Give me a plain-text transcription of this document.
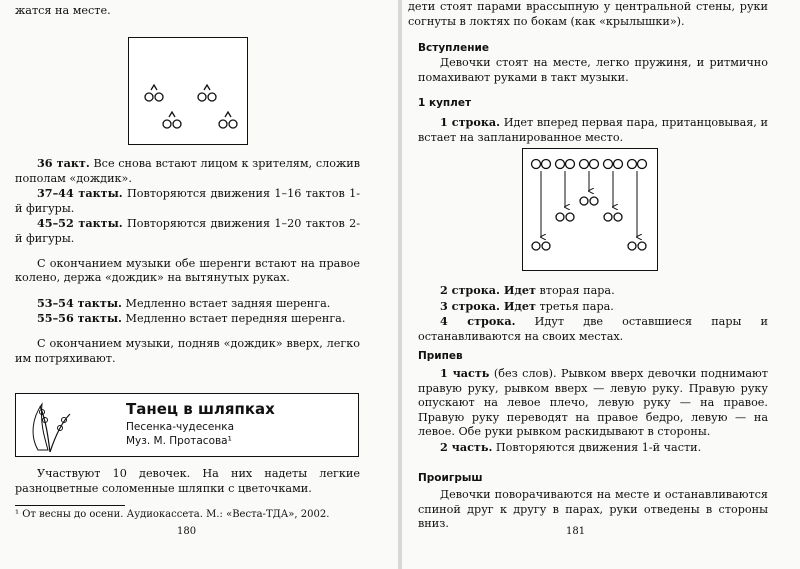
жатся на месте.

36 такт. Все снова встают лицом к зрителям, сложив пополам «дождик».

37–44 такты. Повторяются движения 1–16 тактов 1-й фигуры.

45–52 такты. Повторяются движения 1–20 тактов 2-й фигуры.

С окончанием музыки обе шеренги встают на правое колено, держа «дождик» на вытянутых руках.

53–54 такты. Медленно встает задняя шеренга.

55–56 такты. Медленно встает передняя шеренга.

С окончанием музыки, подняв «дождик» вверх, легко им потряхивают.

Танец в шляпках
Песенка-чудесенка
Муз. М. Протасова¹

Участвуют 10 девочек. На них надеты легкие разноцветные соломенные шляпки с цветочками.

¹ От весны до осени. Аудиокассета. М.: «Веста-ТДА», 2002.

180

дети стоят парами врассыпную у центральной стены, руки согнуты в локтях по бокам (как «крылышки»).

Вступление

Девочки стоят на месте, легко пружиня, и ритмично помахивают руками в такт музыки.

1 куплет

1 строка. Идет вперед первая пара, пританцовывая, и встает на запланированное место.

2 строка. Идет вторая пара.

3 строка. Идет третья пара.

4 строка. Идут две оставшиеся пары и останавливаются на своих местах.

Припев

1 часть (без слов). Рывком вверх девочки поднимают правую руку, рывком вверх — левую руку. Правую руку опускают на левое плечо, левую руку — на правое. Правую руку переводят на правое бедро, левую — на левое. Обе руки рывком раскидывают в стороны.

2 часть. Повторяются движения 1-й части.

Проигрыш

Девочки поворачиваются на месте и останавливаются спиной друг к другу в парах, руки отведены в стороны вниз.

181
